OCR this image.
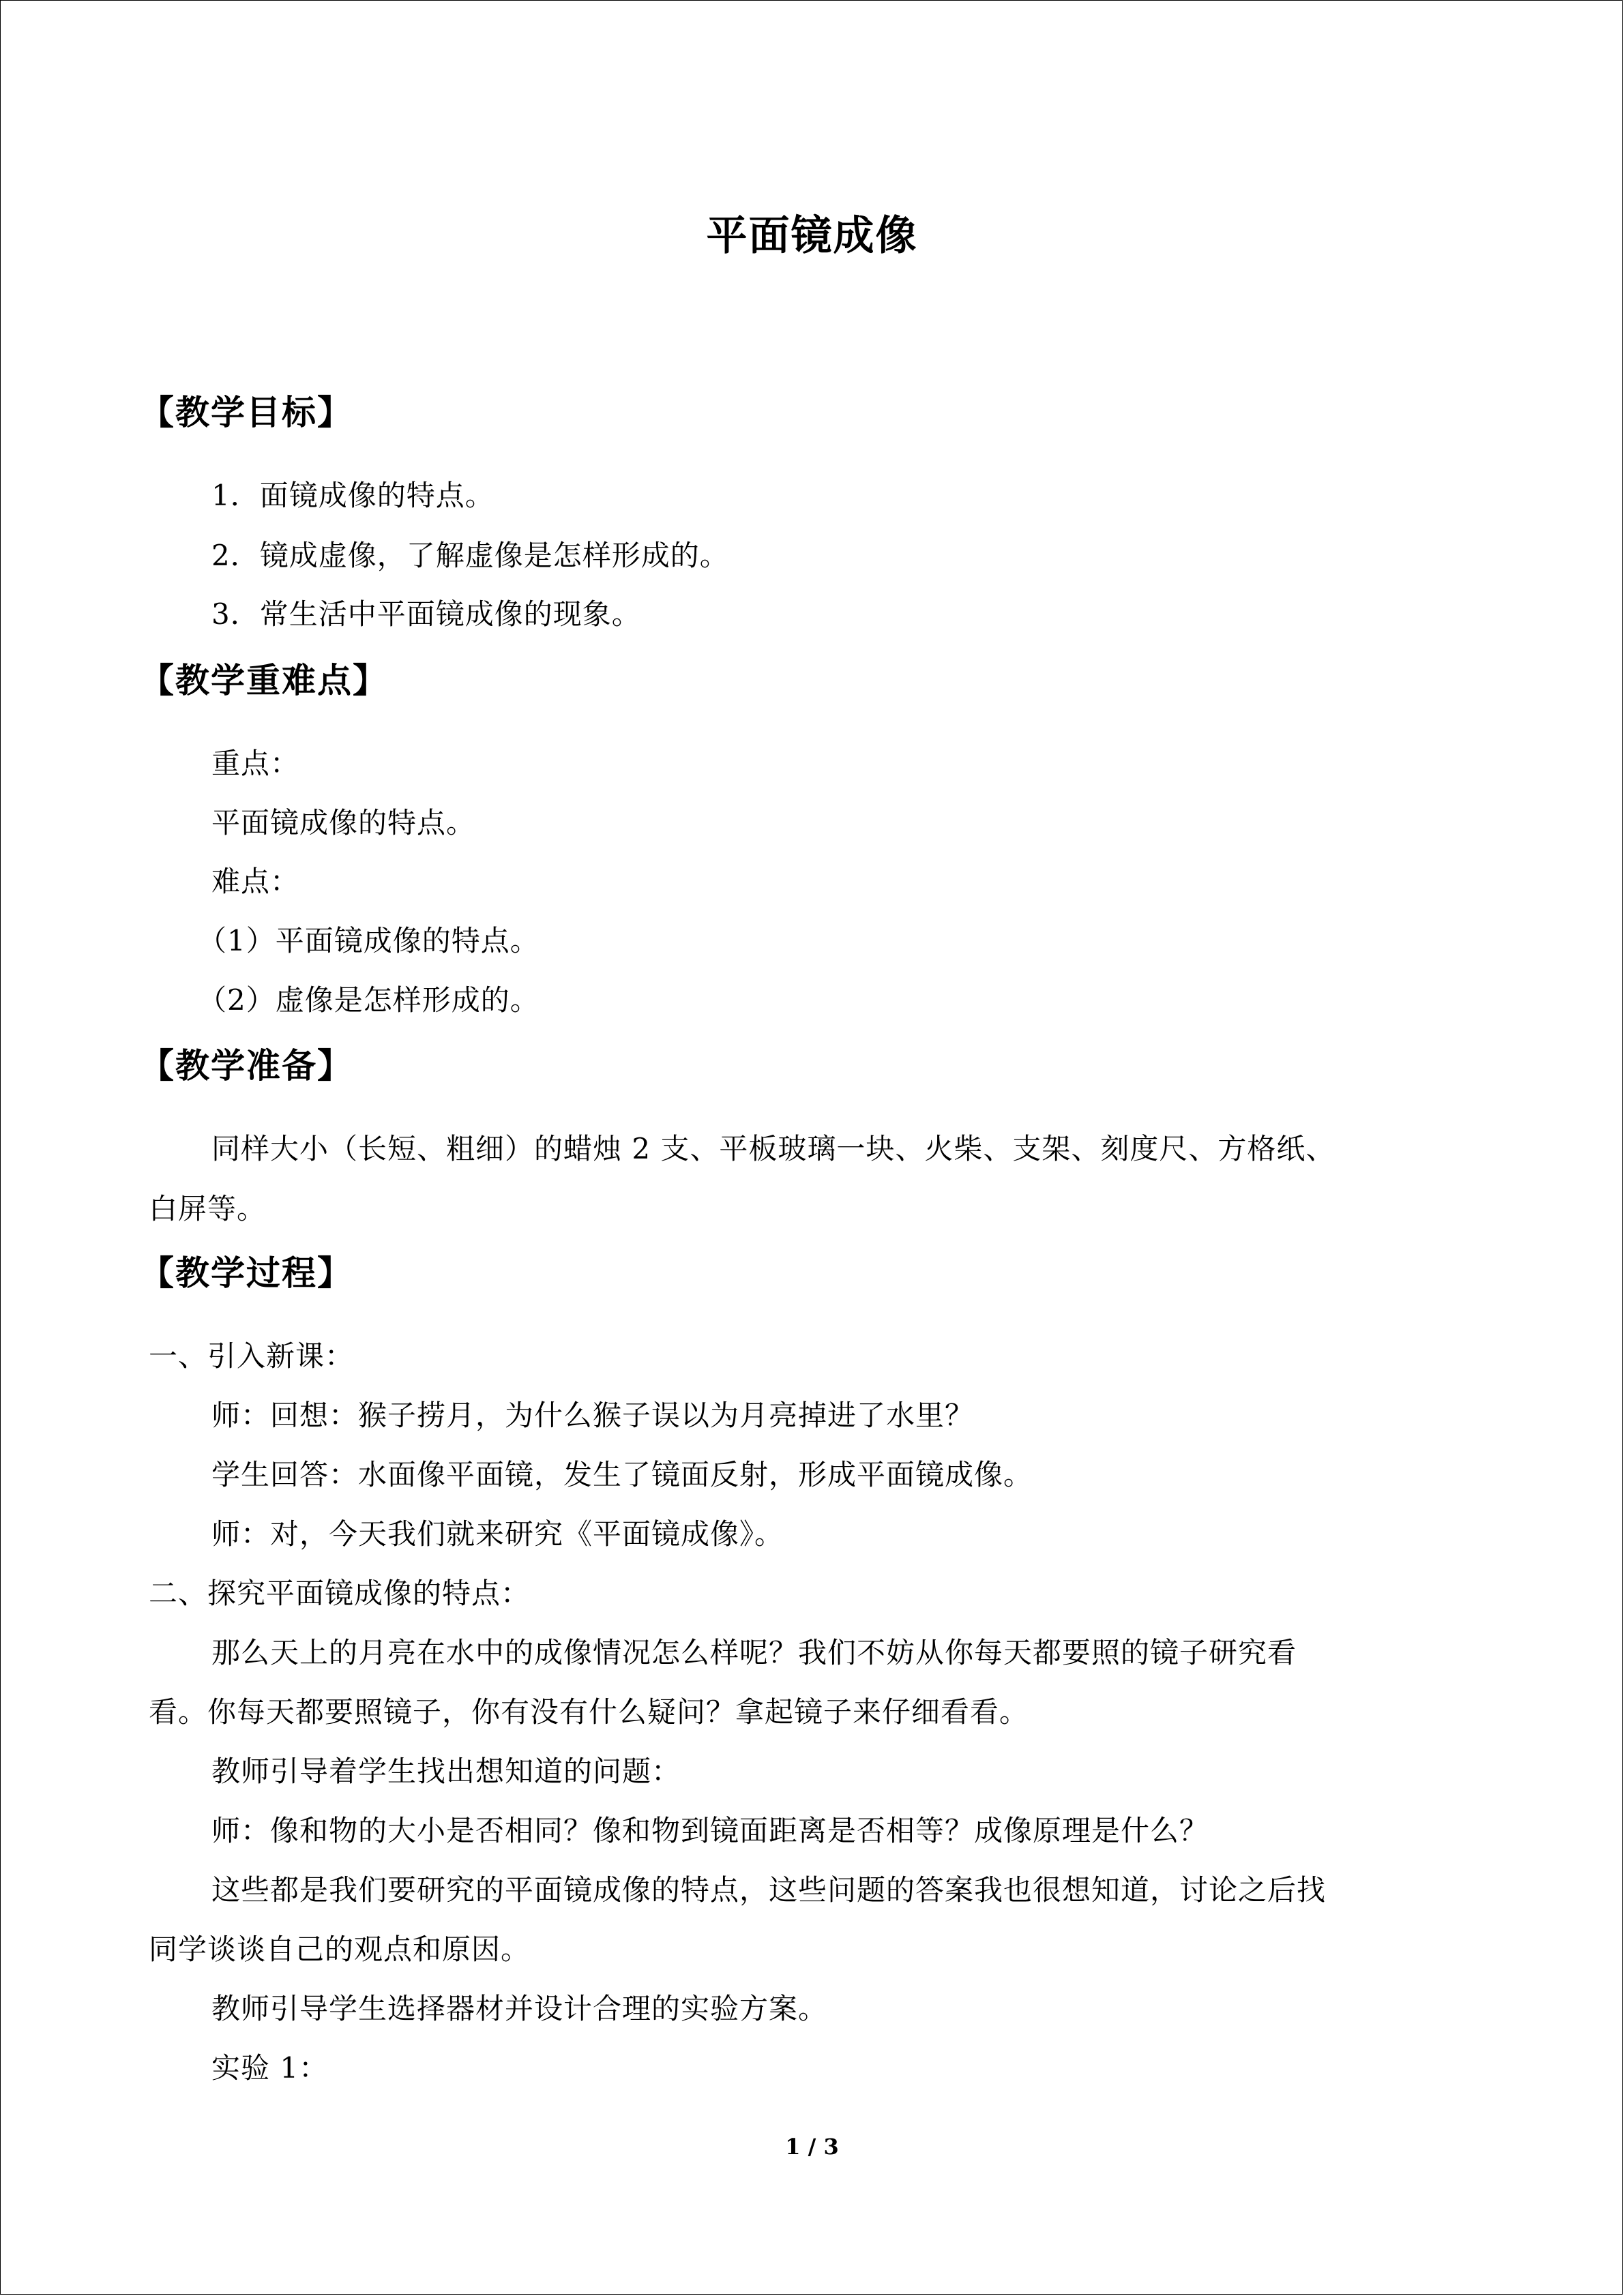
平面镜成像
【教学目标】
1．面镜成像的特点。
2．镜成虚像，了解虚像是怎样形成的。
3．常生活中平面镜成像的现象。
【教学重难点】
重点：
平面镜成像的特点。
难点：
（1）平面镜成像的特点。
（2）虚像是怎样形成的。
【教学准备】
同样大小（长短、粗细）的蜡烛 2 支、平板玻璃一块、火柴、支架、刻度尺、方格纸、
白屏等。
【教学过程】
一、引入新课：
师：回想：猴子捞月，为什么猴子误以为月亮掉进了水里？
学生回答：水面像平面镜，发生了镜面反射，形成平面镜成像。
师：对，今天我们就来研究《平面镜成像》。
二、探究平面镜成像的特点：
那么天上的月亮在水中的成像情况怎么样呢？我们不妨从你每天都要照的镜子研究看
看。你每天都要照镜子，你有没有什么疑问？拿起镜子来仔细看看。
教师引导着学生找出想知道的问题：
师：像和物的大小是否相同？像和物到镜面距离是否相等？成像原理是什么？
这些都是我们要研究的平面镜成像的特点，这些问题的答案我也很想知道，讨论之后找
同学谈谈自己的观点和原因。
教师引导学生选择器材并设计合理的实验方案。
实验 1：
1 / 3
